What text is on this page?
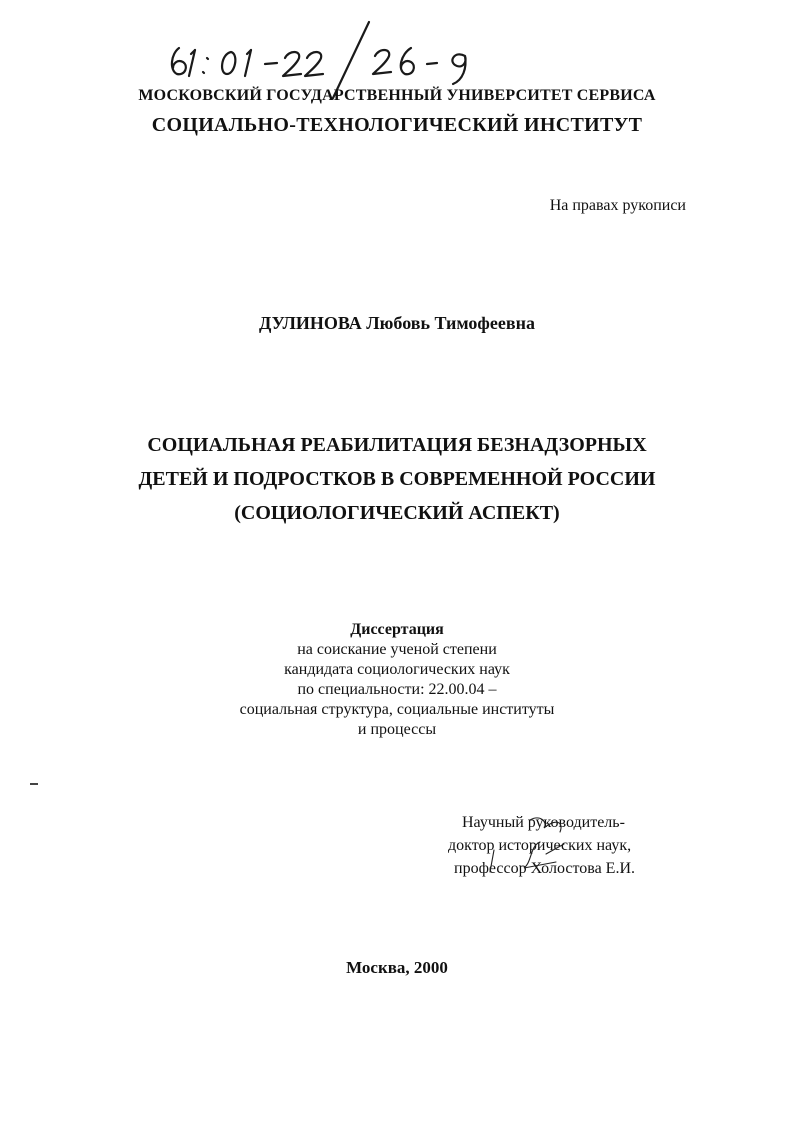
МОСКОВСКИЙ ГОСУДАРСТВЕННЫЙ УНИВЕРСИТЕТ СЕРВИСА
СОЦИАЛЬНО-ТЕХНОЛОГИЧЕСКИЙ ИНСТИТУТ
На правах рукописи
ДУЛИНОВА Любовь Тимофеевна
СОЦИАЛЬНАЯ РЕАБИЛИТАЦИЯ БЕЗНАДЗОРНЫХ
ДЕТЕЙ И ПОДРОСТКОВ В СОВРЕМЕННОЙ РОССИИ
(СОЦИОЛОГИЧЕСКИЙ АСПЕКТ)
Диссертация
на соискание ученой степени
кандидата социологических наук
по специальности: 22.00.04 –
социальная структура, социальные институты
и процессы
Научный руководитель-
доктор исторических наук,
профессор Холостова Е.И.
Москва, 2000
